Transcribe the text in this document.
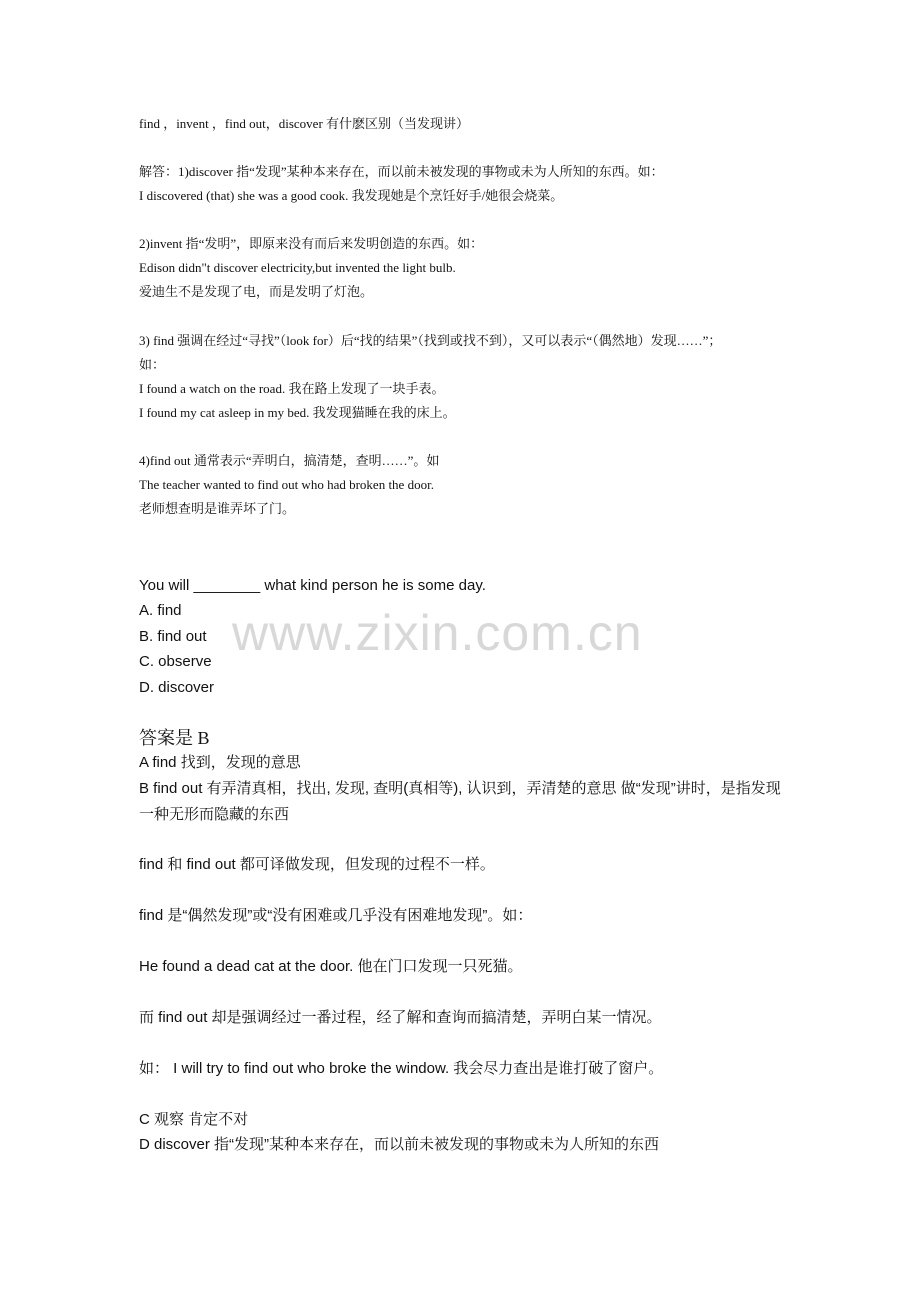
find ，invent ，find out，discover 有什麽区别（当发现讲）
解答：1)discover 指“发现”某种本来存在，而以前未被发现的事物或未为人所知的东西。如：
I discovered (that) she was a good cook. 我发现她是个烹饪好手/她很会烧菜。
2)invent 指“发明”，即原来没有而后来发明创造的东西。如：
Edison didn"t discover electricity,but invented the light bulb.
爱迪生不是发现了电，而是发明了灯泡。
3) find 强调在经过“寻找”（look for）后“找的结果”（找到或找不到），又可以表示“（偶然地）发现……”；
如：
I found a watch on the road. 我在路上发现了一块手表。
I found my cat asleep in my bed. 我发现猫睡在我的床上。
4)find out 通常表示“弄明白，搞清楚，查明……”。如
The teacher wanted to find out who had broken the door.
老师想查明是谁弄坏了门。
www.zixin.com.cn
You will ________ what kind person he is some day.
A. find
B. find out
C. observe
D. discover
答案是 B
A find 找到，发现的意思
B find out 有弄清真相，找出, 发现, 查明(真相等), 认识到，弄清楚的意思 做“发现”讲时，是指发现一种无形而隐藏的东西
find 和 find out 都可译做发现，但发现的过程不一样。
find 是“偶然发现”或“没有困难或几乎没有困难地发现”。如：
He found a dead cat at the door. 他在门口发现一只死猫。
而 find out 却是强调经过一番过程，经了解和查询而搞清楚，弄明白某一情况。
如： I will try to find out who broke the window. 我会尽力查出是谁打破了窗户。
C 观察 肯定不对
D discover 指“发现”某种本来存在，而以前未被发现的事物或未为人所知的东西
